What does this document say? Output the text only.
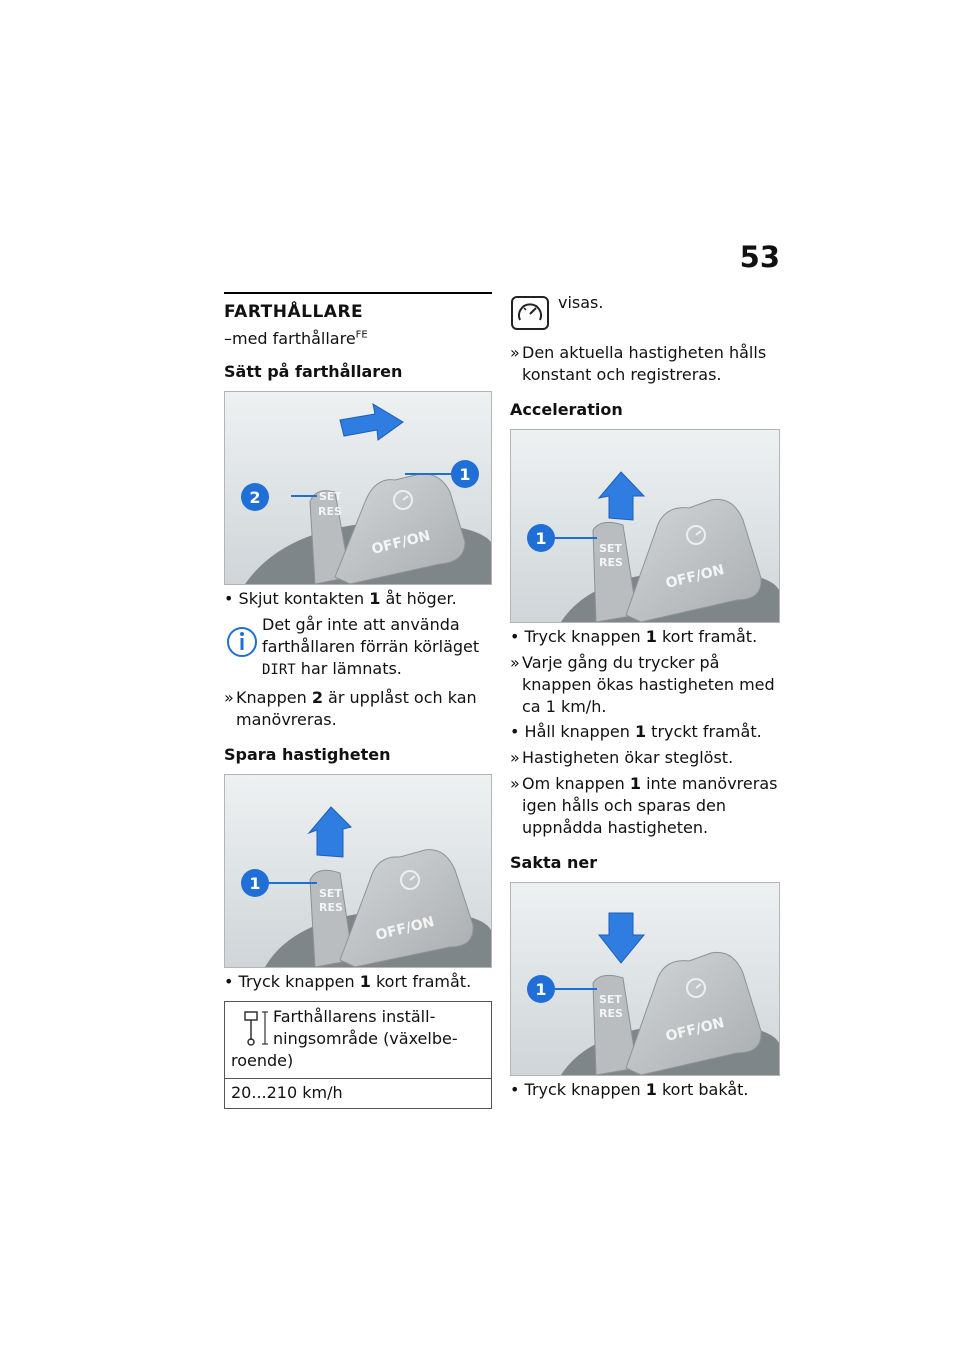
53
FARTHÅLLARE
–med farthållare$^{FE}$
Sätt på farthållaren
SET
RES
OFF/ON
2
1
• Skjut kontakten 1 åt höger.
Det går inte att använda farthållaren förrän körläget DIRT har lämnats.
» Knappen 2 är upplåst och kan manövreras.
Spara hastigheten
SET
RES
OFF/ON
1
• Tryck knappen 1 kort framåt.
Farthållarens inställningsområde (växelberoende)
20...210 km/h
visas.
» Den aktuella hastigheten hålls konstant och registreras.
Acceleration
SET
RES	OFF/ON
1
• Tryck knappen 1 kort framåt.
» Varje gång du trycker på knappen ökas hastigheten med ca 1 km/h.
• Håll knappen 1 tryckt framåt.
» Hastigheten ökar steglöst.
» Om knappen 1 inte manövreras igen hålls och sparas den uppnådda hastigheten.
Sakta ner
SET
RES
OFF/ON
1
• Tryck knappen 1 kort bakåt.
